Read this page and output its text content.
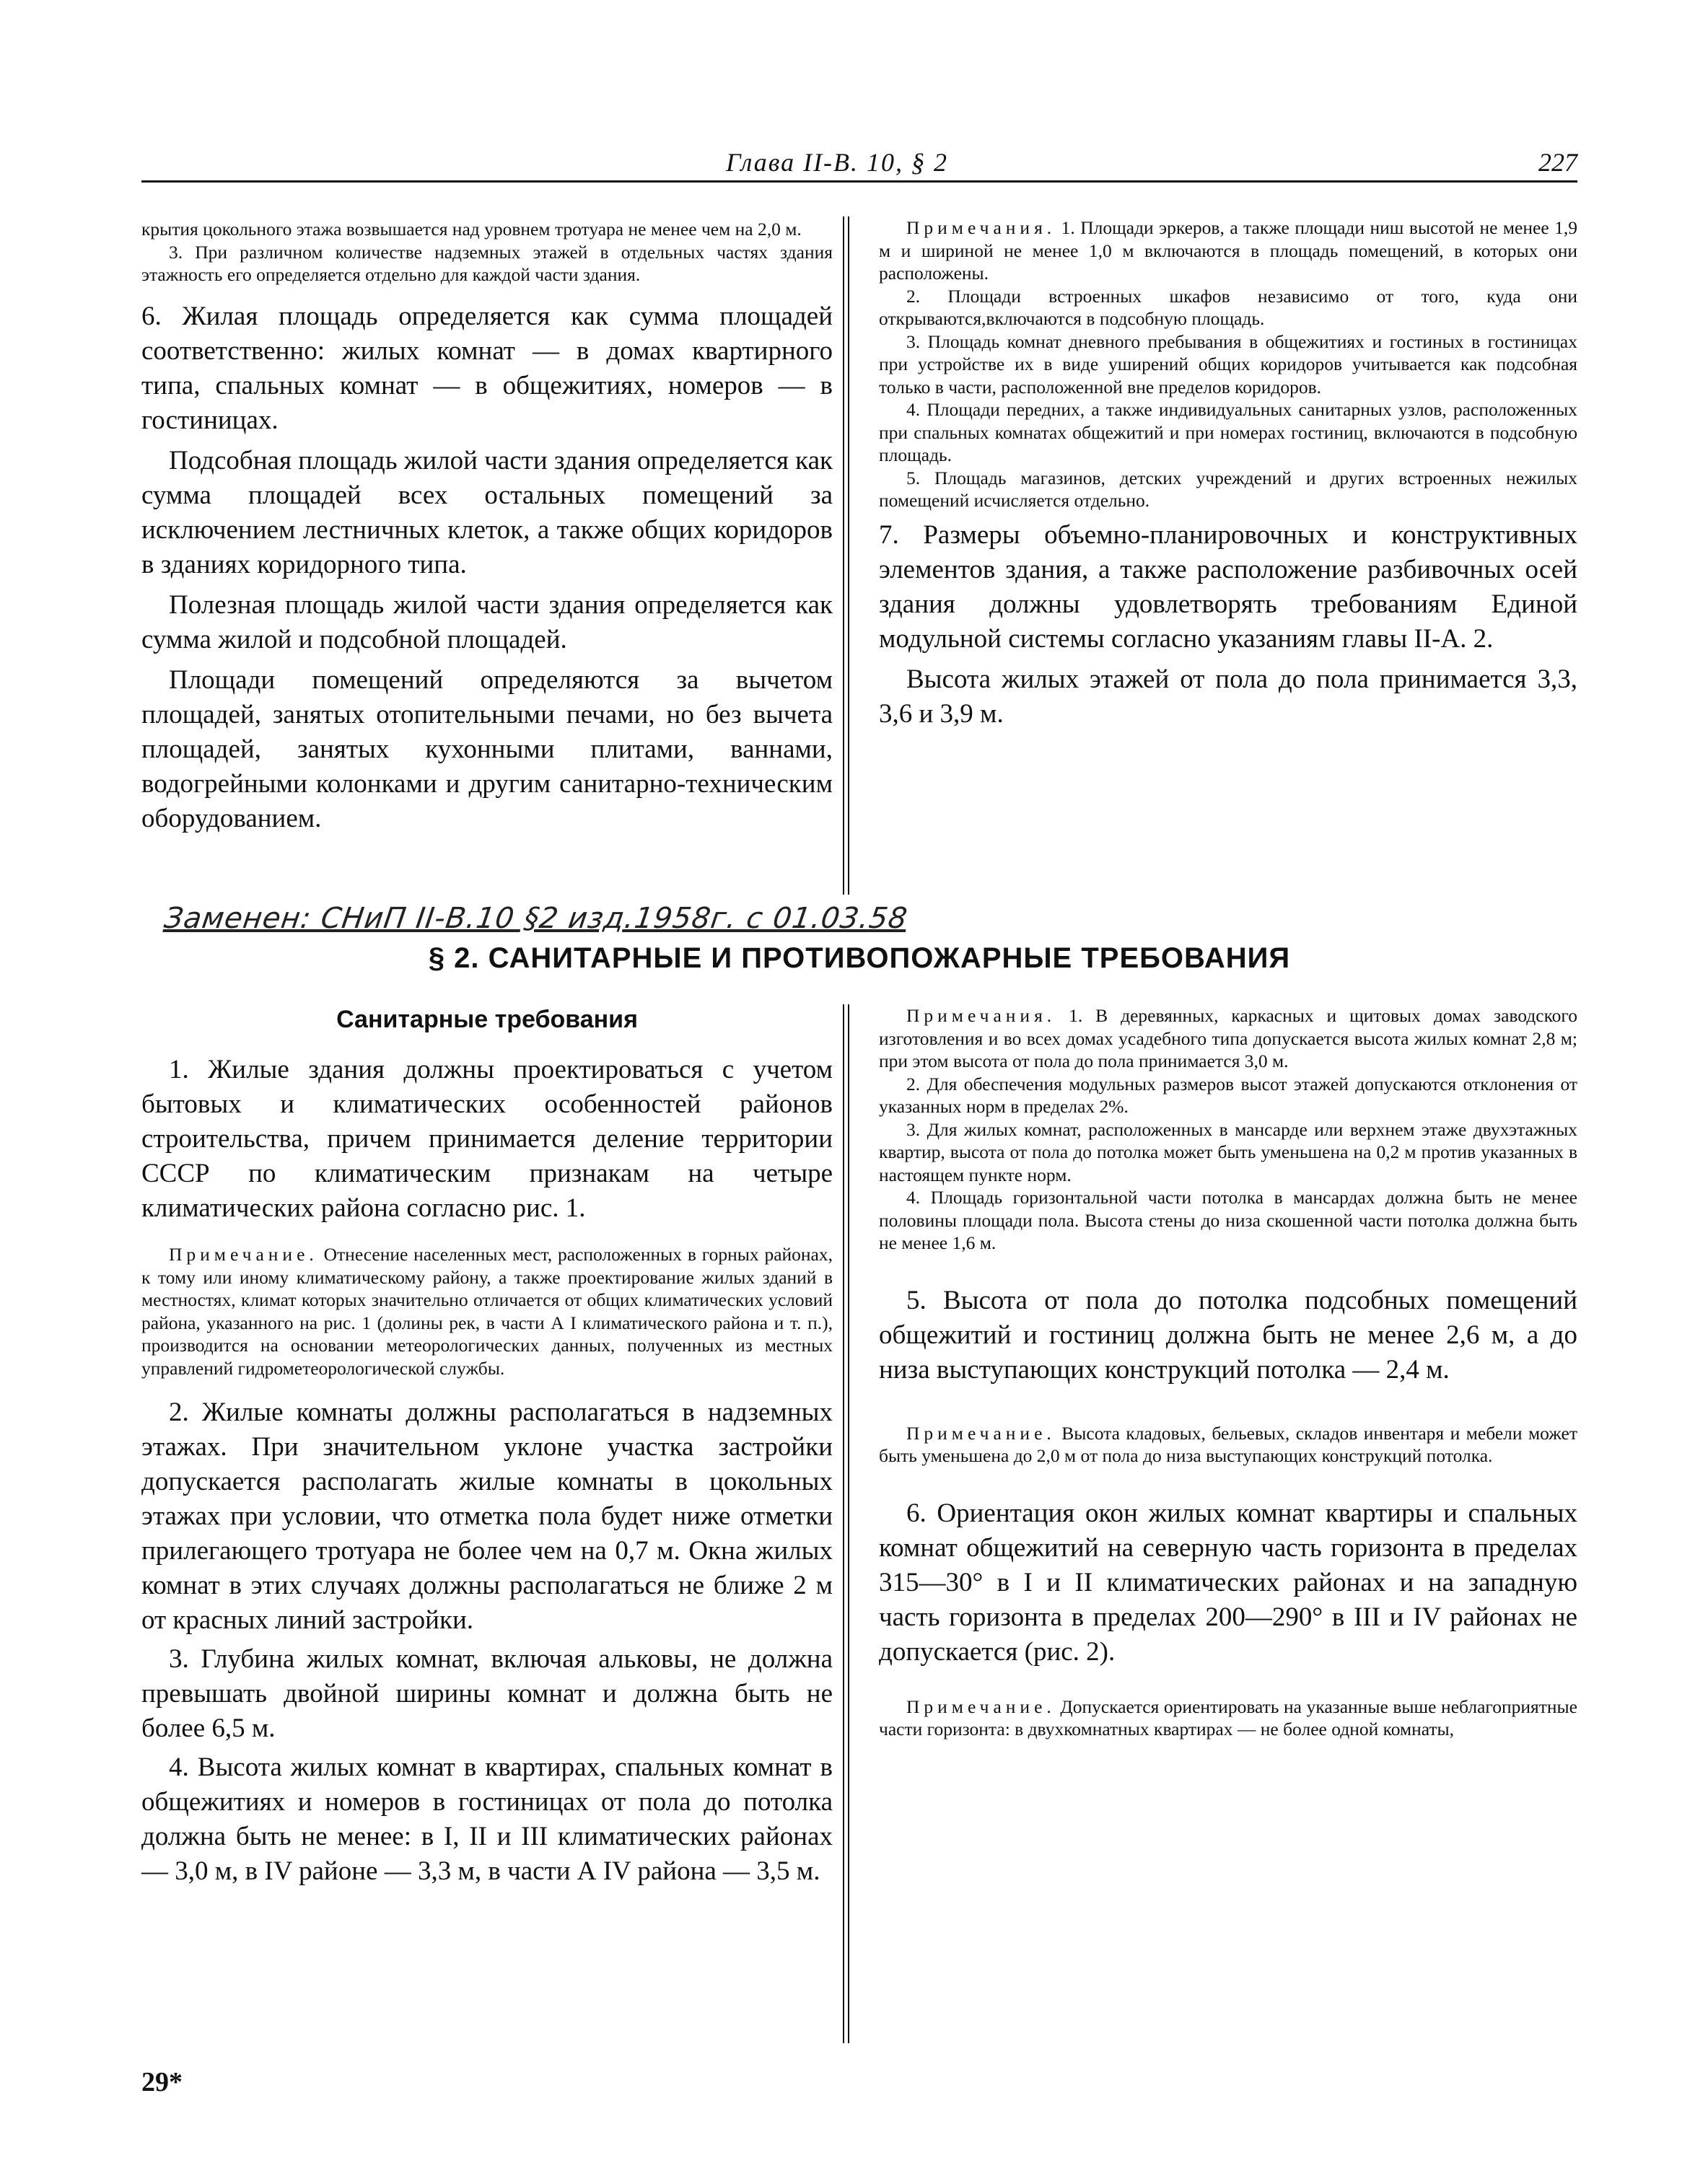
Глава II-В. 10, § 2	227

крытия цокольного этажа возвышается над уровнем тротуара не менее чем на 2,0 м.

3. При различном количестве надземных этажей в отдельных частях здания этажность его определяется отдельно для каждой части здания.

6. Жилая площадь определяется как сумма площадей соответственно: жилых комнат — в домах квартирного типа, спальных комнат — в общежитиях, номеров — в гостиницах.

Подсобная площадь жилой части здания определяется как сумма площадей всех остальных помещений за исключением лестничных клеток, а также общих коридоров в зданиях коридорного типа.

Полезная площадь жилой части здания определяется как сумма жилой и подсобной площадей.

Площади помещений определяются за вычетом площадей, занятых отопительными печами, но без вычета площадей, занятых кухонными плитами, ваннами, водогрейными колонками и другим санитарно-техническим оборудованием.

Примечания. 1. Площади эркеров, а также площади ниш высотой не менее 1,9 м и шириной не менее 1,0 м включаются в площадь помещений, в которых они расположены.

2. Площади встроенных шкафов независимо от того, куда они открываются,включаются в подсобную площадь.

3. Площадь комнат дневного пребывания в общежитиях и гостиных в гостиницах при устройстве их в виде уширений общих коридоров учитывается как подсобная только в части, расположенной вне пределов коридоров.

4. Площади передних, а также индивидуальных санитарных узлов, расположенных при спальных комнатах общежитий и при номерах гостиниц, включаются в подсобную площадь.

5. Площадь магазинов, детских учреждений и других встроенных нежилых помещений исчисляется отдельно.

7. Размеры объемно-планировочных и конструктивных элементов здания, а также расположение разбивочных осей здания должны удовлетворять требованиям Единой модульной системы согласно указаниям главы II-А. 2.

Высота жилых этажей от пола до пола принимается 3,3, 3,6 и 3,9 м.

Заменен: СНиП II-В.10 §2 изд.1958г. с 01.03.58
§ 2. САНИТАРНЫЕ И ПРОТИВОПОЖАРНЫЕ ТРЕБОВАНИЯ
Санитарные требования

1. Жилые здания должны проектироваться с учетом бытовых и климатических особенностей районов строительства, причем принимается деление территории СССР по климатическим признакам на четыре климатических района согласно рис. 1.

Примечание. Отнесение населенных мест, расположенных в горных районах, к тому или иному климатическому району, а также проектирование жилых зданий в местностях, климат которых значительно отличается от общих климатических условий района, указанного на рис. 1 (долины рек, в части А I климатического района и т. п.), производится на основании метеорологических данных, полученных из местных управлений гидрометеорологической службы.

2. Жилые комнаты должны располагаться в надземных этажах. При значительном уклоне участка застройки допускается располагать жилые комнаты в цокольных этажах при условии, что отметка пола будет ниже отметки прилегающего тротуара не более чем на 0,7 м. Окна жилых комнат в этих случаях должны располагаться не ближе 2 м от красных линий застройки.

3. Глубина жилых комнат, включая альковы, не должна превышать двойной ширины комнат и должна быть не более 6,5 м.

4. Высота жилых комнат в квартирах, спальных комнат в общежитиях и номеров в гостиницах от пола до потолка должна быть не менее: в I, II и III климатических районах — 3,0 м, в IV районе — 3,3 м, в части А IV района — 3,5 м.

Примечания. 1. В деревянных, каркасных и щитовых домах заводского изготовления и во всех домах усадебного типа допускается высота жилых комнат 2,8 м; при этом высота от пола до пола принимается 3,0 м.

2. Для обеспечения модульных размеров высот этажей допускаются отклонения от указанных норм в пределах 2%.

3. Для жилых комнат, расположенных в мансарде или верхнем этаже двухэтажных квартир, высота от пола до потолка может быть уменьшена на 0,2 м против указанных в настоящем пункте норм.

4. Площадь горизонтальной части потолка в мансардах должна быть не менее половины площади пола. Высота стены до низа скошенной части потолка должна быть не менее 1,6 м.

5. Высота от пола до потолка подсобных помещений общежитий и гостиниц должна быть не менее 2,6 м, а до низа выступающих конструкций потолка — 2,4 м.

Примечание. Высота кладовых, бельевых, складов инвентаря и мебели может быть уменьшена до 2,0 м от пола до низа выступающих конструкций потолка.

6. Ориентация окон жилых комнат квартиры и спальных комнат общежитий на северную часть горизонта в пределах 315—30° в I и II климатических районах и на западную часть горизонта в пределах 200—290° в III и IV районах не допускается (рис. 2).

Примечание. Допускается ориентировать на указанные выше неблагоприятные части горизонта: в двухкомнатных квартирах — не более одной комнаты,

29*
